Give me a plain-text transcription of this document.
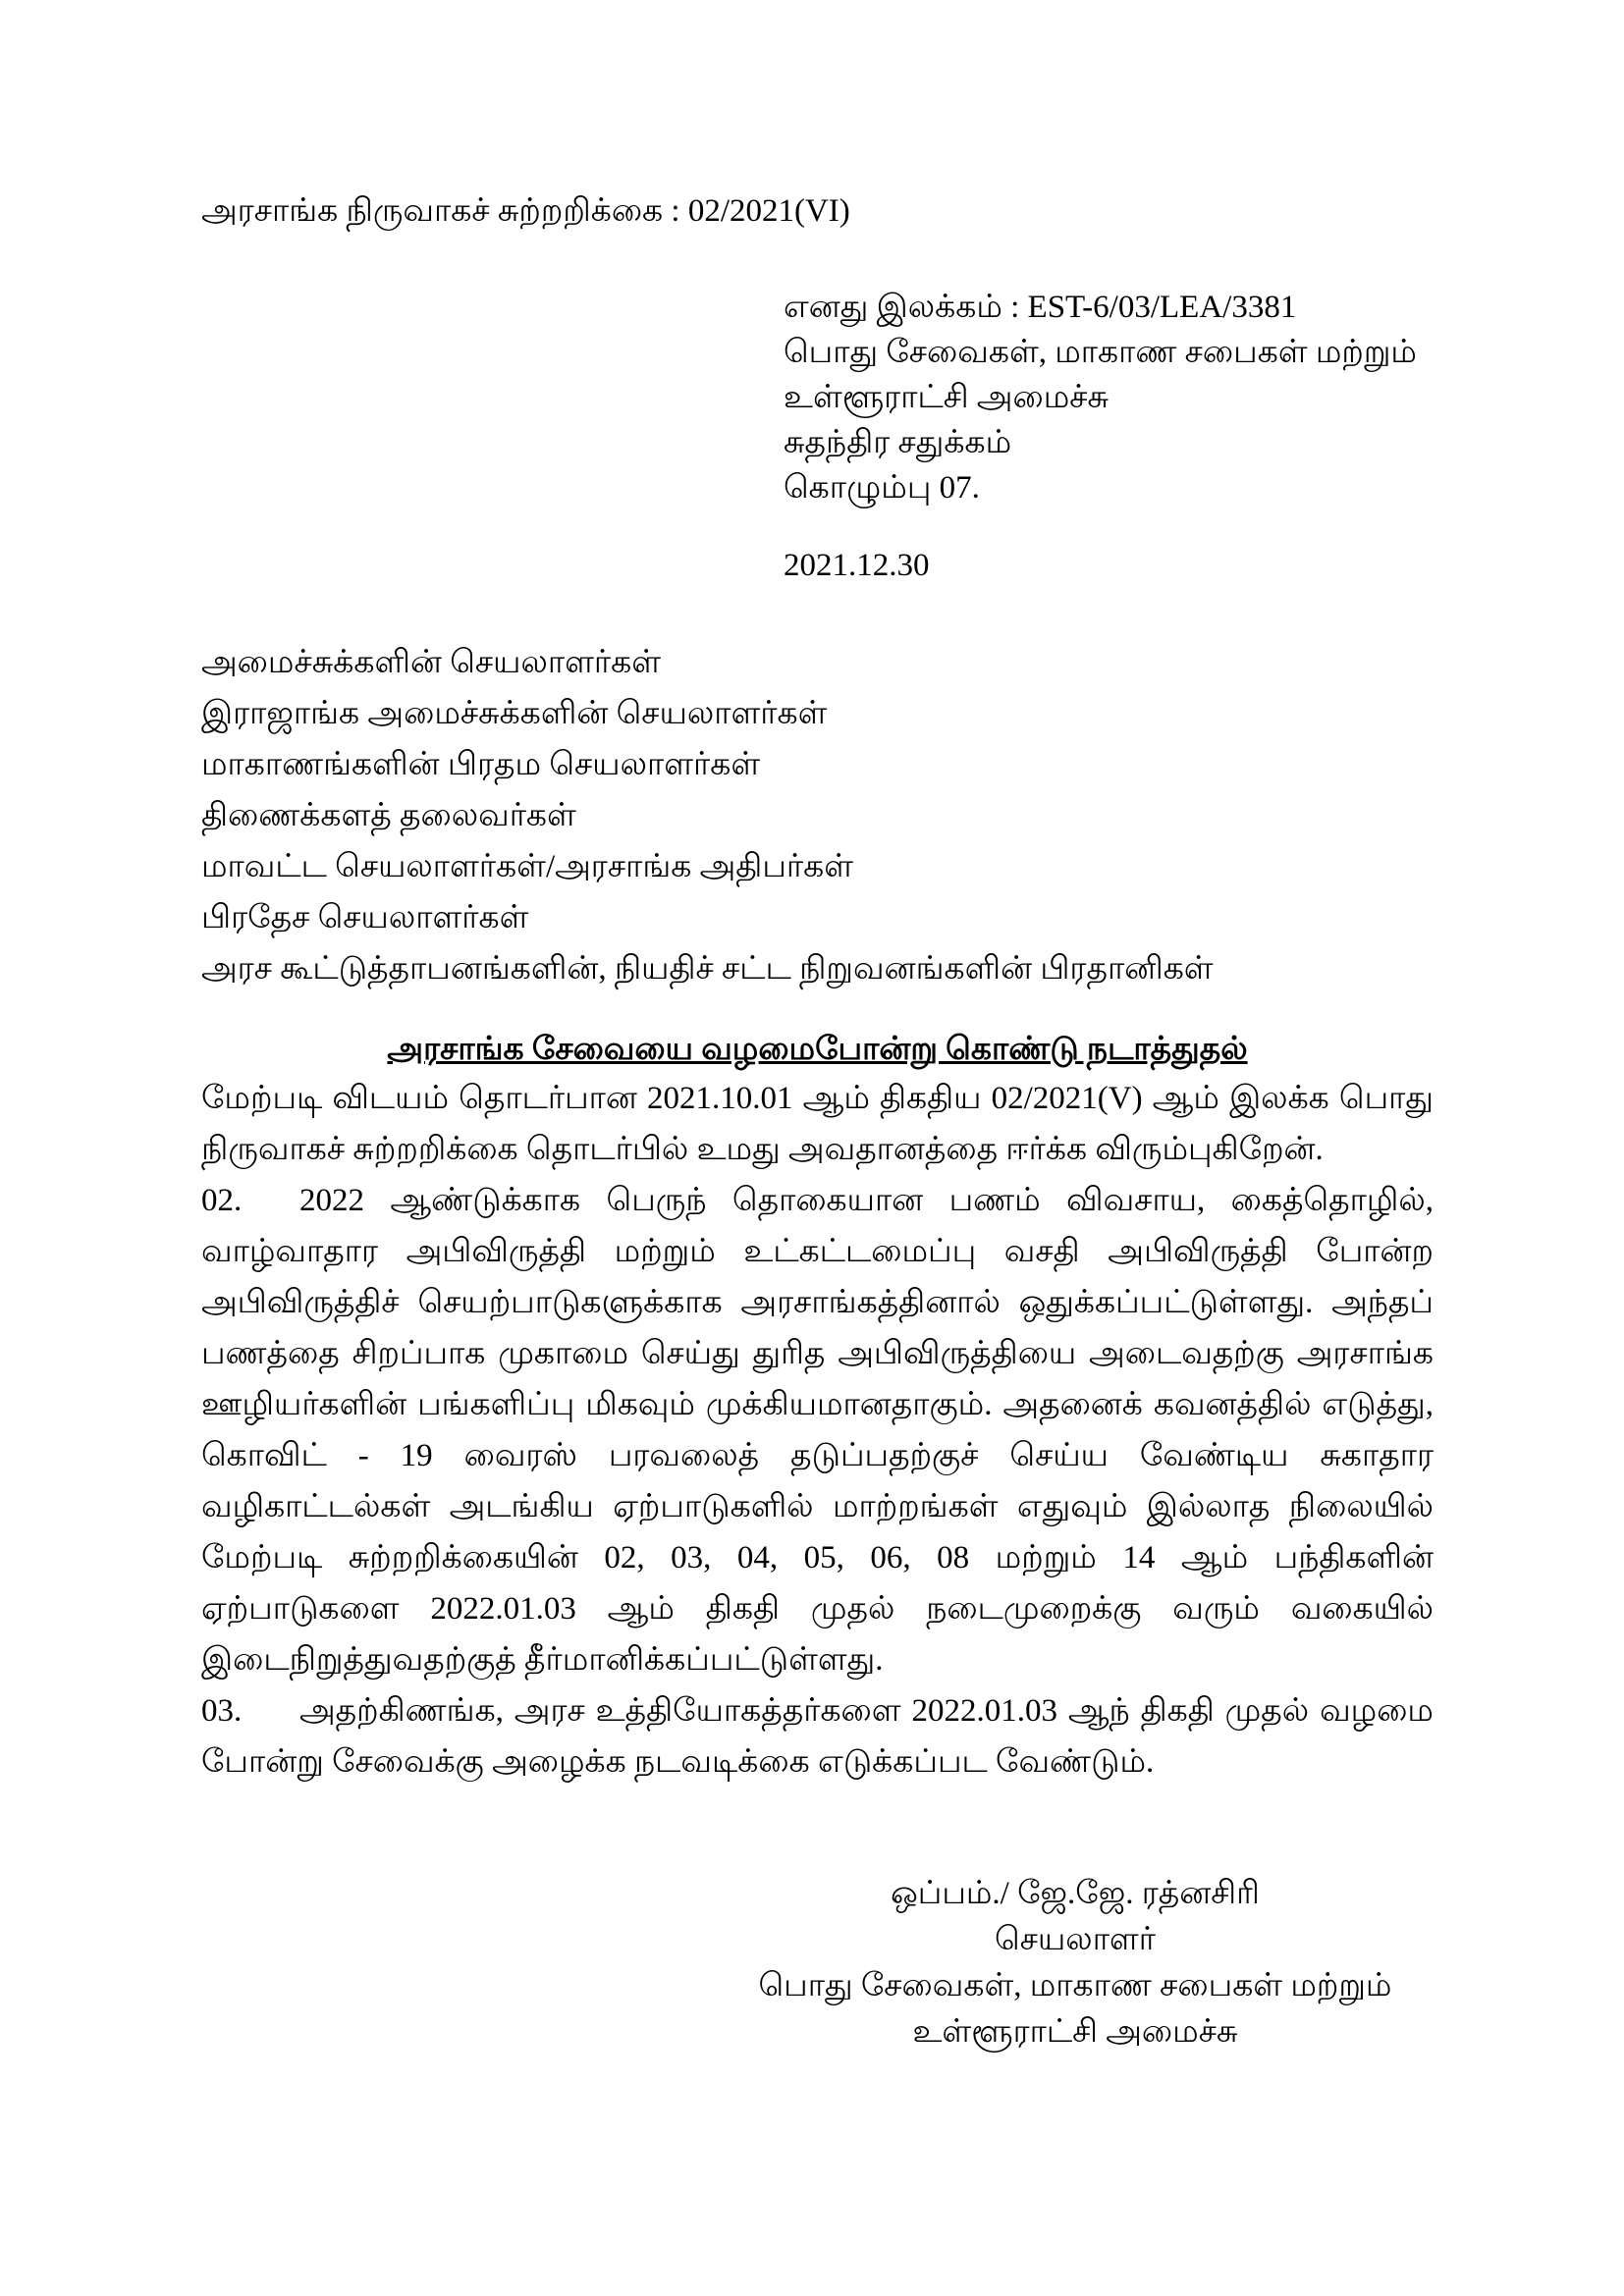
அரசாங்க நிருவாகச் சுற்றறிக்கை : 02/2021(VI)
எனது இலக்கம் : EST-6/03/LEA/3381
பொது சேவைகள், மாகாண சபைகள் மற்றும்
உள்ளூராட்சி அமைச்சு
சுதந்திர சதுக்கம்
கொழும்பு 07.
2021.12.30
அமைச்சுக்களின் செயலாளர்கள்
இராஜாங்க அமைச்சுக்களின் செயலாளர்கள்
மாகாணங்களின் பிரதம செயலாளர்கள்
திணைக்களத் தலைவர்கள்
மாவட்ட செயலாளர்கள்/அரசாங்க அதிபர்கள்
பிரதேச செயலாளர்கள்
அரச கூட்டுத்தாபனங்களின், நியதிச் சட்ட நிறுவனங்களின் பிரதானிகள்
அரசாங்க சேவையை வழமைபோன்று கொண்டு நடாத்துதல்

மேற்படி விடயம் தொடர்பான 2021.10.01 ஆம் திகதிய 02/2021(V) ஆம் இலக்க பொது நிருவாகச் சுற்றறிக்கை தொடர்பில் உமது அவதானத்தை ஈர்க்க விரும்புகிறேன்.

02. 2022 ஆண்டுக்காக பெருந் தொகையான பணம் விவசாய, கைத்தொழில், வாழ்வாதார அபிவிருத்தி மற்றும் உட்கட்டமைப்பு வசதி அபிவிருத்தி போன்ற அபிவிருத்திச் செயற்பாடுகளுக்காக அரசாங்கத்தினால் ஒதுக்கப்பட்டுள்ளது. அந்தப் பணத்தை சிறப்பாக முகாமை செய்து துரித அபிவிருத்தியை அடைவதற்கு அரசாங்க ஊழியர்களின் பங்களிப்பு மிகவும் முக்கியமானதாகும். அதனைக் கவனத்தில் எடுத்து, கொவிட் - 19 வைரஸ் பரவலைத் தடுப்பதற்குச் செய்ய வேண்டிய சுகாதார வழிகாட்டல்கள் அடங்கிய ஏற்பாடுகளில் மாற்றங்கள் எதுவும் இல்லாத நிலையில் மேற்படி சுற்றறிக்கையின் 02, 03, 04, 05, 06, 08 மற்றும் 14 ஆம் பந்திகளின் ஏற்பாடுகளை 2022.01.03 ஆம் திகதி முதல் நடைமுறைக்கு வரும் வகையில் இடைநிறுத்துவதற்குத் தீர்மானிக்கப்பட்டுள்ளது.

03. அதற்கிணங்க, அரச உத்தியோகத்தர்களை 2022.01.03 ஆந் திகதி முதல் வழமை போன்று சேவைக்கு அழைக்க நடவடிக்கை எடுக்கப்பட வேண்டும்.

ஒப்பம்./ ஜே.ஜே. ரத்னசிரி
செயலாளர்
பொது சேவைகள், மாகாண சபைகள் மற்றும்
உள்ளூராட்சி அமைச்சு
